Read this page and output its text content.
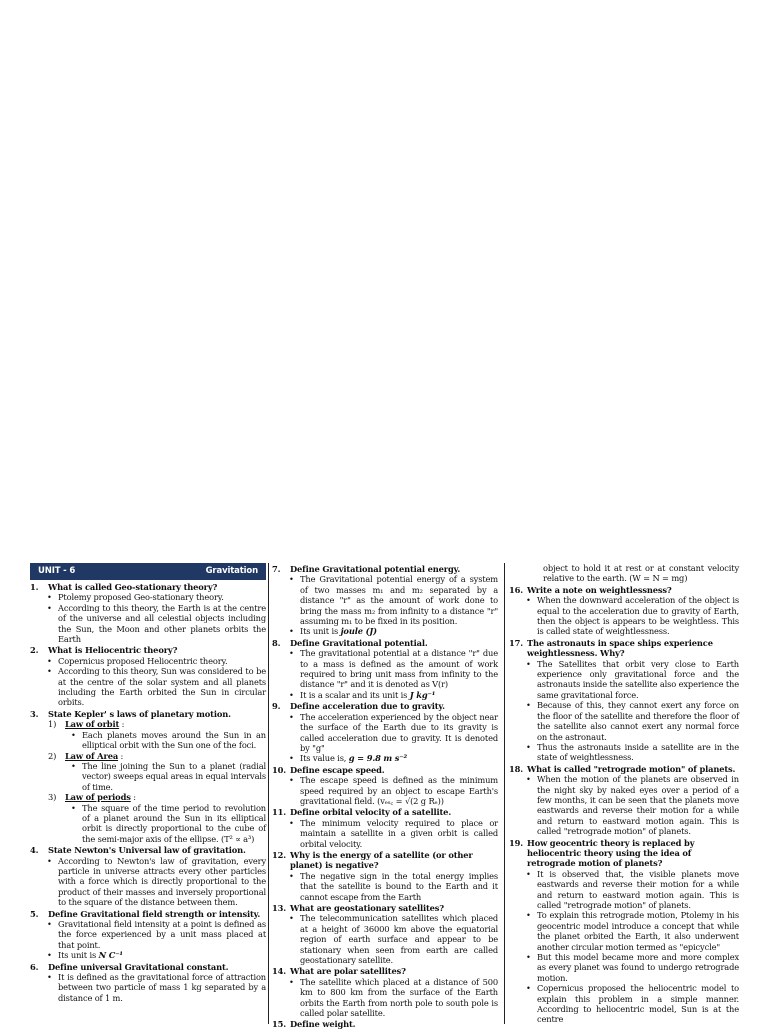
UNIT - 6	Gravitation
1.	What is called Geo-stationary theory?
• Ptolemy proposed Geo-stationary theory.
• According to this theory, the Earth is at the centre of the universe and all celestial objects including the Sun, the Moon and other planets orbits the Earth
2.	What is Heliocentric theory?
• Copernicus proposed Heliocentric theory.
• According to this theory, Sun was considered to be at the centre of the solar system and all planets including the Earth orbited the Sun in circular orbits.
3.	State Kepler' s laws of planetary motion.
1)	Law of orbit :
• Each planets moves around the Sun in an elliptical orbit with the Sun one of the foci.
2)	Law of Area :
• The line joining the Sun to a planet (radial vector) sweeps equal areas in equal intervals of time.
3)	Law of periods :
• The square of the time period to revolution of a planet around the Sun in its elliptical orbit is directly proportional to the cube of the semi-major axis of the ellipse. (T² ∝ a³)
4.	State Newton's Universal law of gravitation.
• According to Newton's law of gravitation, every particle in universe attracts every other particles with a force which is directly proportional to the product of their masses and inversely proportional to the square of the distance between them.
5.	Define Gravitational field strength or intensity.
• Gravitational field intensity at a point is defined as the force experienced by a unit mass placed at that point.
• Its unit is N C⁻¹
6.	Define universal Gravitational constant.
• It is defined as the gravitational force of attraction between two particle of mass 1 kg separated by a distance of 1 m.
7.	Define Gravitational potential energy.
• The Gravitational potential energy of a system of two masses m₁ and m₂ separated by a distance "r" as the amount of work done to bring the mass m₂ from infinity to a distance "r" assuming m₁ to be fixed in its position.
• Its unit is joule (J)
8.	Define Gravitational potential.
• The gravitational potential at a distance "r" due to a mass is defined as the amount of work required to bring unit mass from infinity to the distance "r" and it is denoted as V(r)
• It is a scalar and its unit is J kg⁻¹
9.	Define acceleration due to gravity.
• The acceleration experienced by the object near the surface of the Earth due to its gravity is called acceleration due to gravity. It is denoted by "g"
• Its value is, g = 9.8 m s⁻²
10. Define escape speed.
• The escape speed is defined as the minimum speed required by an object to escape Earth's gravitational field. (vₑₛ꜀ = √(2 g Rₑ))
11. Define orbital velocity of a satellite.
• The minimum velocity required to place or maintain a satellite in a given orbit is called orbital velocity.
12. Why is the energy of a satellite (or other planet) is negative?
• The negative sign in the total energy implies that the satellite is bound to the Earth and it cannot escape from the Earth
13. What are geostationary satellites?
• The telecommunication satellites which placed at a height of 36000 km above the equatorial region of earth surface and appear to be stationary when seen from earth are called geostationary satellite.
14. What are polar satellites?
• The satellite which placed at a distance of 500 km to 800 km from the surface of the Earth orbits the Earth from north pole to south pole is called polar satellite.
15. Define weight.
object to hold it at rest or at constant velocity relative to the earth. (W = N = mg)
16. Write a note on weightlessness?
• When the downward acceleration of the object is equal to the acceleration due to gravity of Earth, then the object is appears to be weightless. This is called state of weightlessness.
17. The astronauts in space ships experience weightlessness. Why?
• The Satellites that orbit very close to Earth experience only gravitational force and the astronauts inside the satellite also experience the same gravitational force.
• Because of this, they cannot exert any force on the floor of the satellite and therefore the floor of the satellite also cannot exert any normal force on the astronaut.
• Thus the astronauts inside a satellite are in the state of weightlessness.
18. What is called "retrograde motion" of planets.
• When the motion of the planets are observed in the night sky by naked eyes over a period of a few months, it can be seen that the planets move eastwards and reverse their motion for a while and return to eastward motion again. This is called "retrograde motion" of planets.
19. How geocentric theory is replaced by heliocentric theory using the idea of retrograde motion of planets?
• It is observed that, the visible planets move eastwards and reverse their motion for a while and return to eastward motion again. This is called "retrograde motion" of planets.
• To explain this retrograde motion, Ptolemy in his geocentric model introduce a concept that while the planet orbited the Earth, it also underwent another circular motion termed as "epicycle"
• But this model became more and more complex as every planet was found to undergo retrograde motion.
• Copernicus proposed the heliocentric model to explain this problem in a simple manner. According to heliocentric model, Sun is at the centre
